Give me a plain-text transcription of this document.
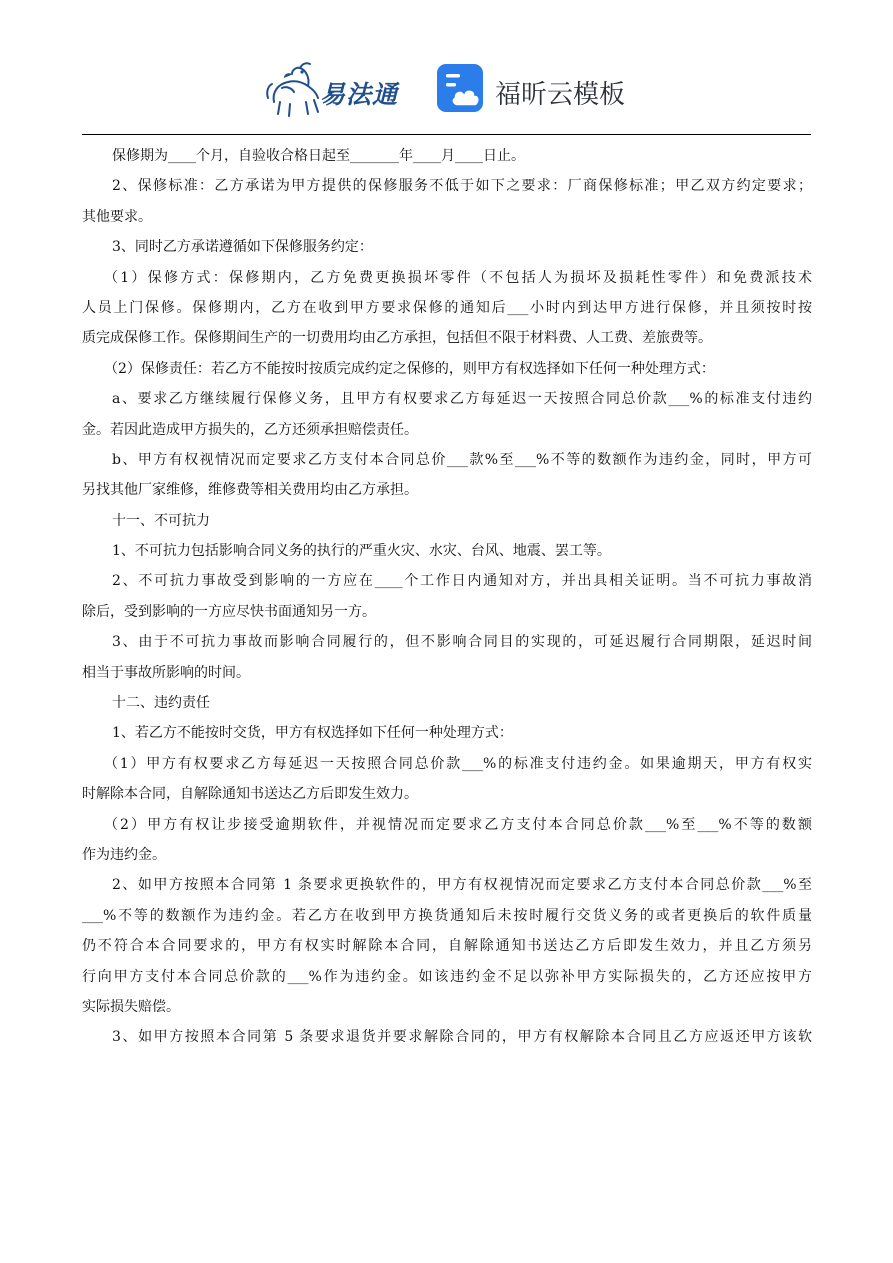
易法通	福昕云模板
保修期为____个月，自验收合格日起至_______年____月____日止。
2、保修标准：乙方承诺为甲方提供的保修服务不低于如下之要求：厂商保修标准；甲乙双方约定要求；
其他要求。
3、同时乙方承诺遵循如下保修服务约定：
（1）保修方式：保修期内，乙方免费更换损坏零件（不包括人为损坏及损耗性零件）和免费派技术
人员上门保修。保修期内，乙方在收到甲方要求保修的通知后___小时内到达甲方进行保修，并且须按时按
质完成保修工作。保修期间生产的一切费用均由乙方承担，包括但不限于材料费、人工费、差旅费等。
（2）保修责任：若乙方不能按时按质完成约定之保修的，则甲方有权选择如下任何一种处理方式：
a、要求乙方继续履行保修义务，且甲方有权要求乙方每延迟一天按照合同总价款___%的标准支付违约
金。若因此造成甲方损失的，乙方还须承担赔偿责任。
b、甲方有权视情况而定要求乙方支付本合同总价___款%至___%不等的数额作为违约金，同时，甲方可
另找其他厂家维修，维修费等相关费用均由乙方承担。
十一、不可抗力
1、不可抗力包括影响合同义务的执行的严重火灾、水灾、台风、地震、罢工等。
2、不可抗力事故受到影响的一方应在____个工作日内通知对方，并出具相关证明。当不可抗力事故消
除后，受到影响的一方应尽快书面通知另一方。
3、由于不可抗力事故而影响合同履行的，但不影响合同目的实现的，可延迟履行合同期限，延迟时间
相当于事故所影响的时间。
十二、违约责任
1、若乙方不能按时交货，甲方有权选择如下任何一种处理方式：
（1）甲方有权要求乙方每延迟一天按照合同总价款___%的标准支付违约金。如果逾期天，甲方有权实
时解除本合同，自解除通知书送达乙方后即发生效力。
（2）甲方有权让步接受逾期软件，并视情况而定要求乙方支付本合同总价款___%至___%不等的数额
作为违约金。
2、如甲方按照本合同第 1 条要求更换软件的，甲方有权视情况而定要求乙方支付本合同总价款___%至
___%不等的数额作为违约金。若乙方在收到甲方换货通知后未按时履行交货义务的或者更换后的软件质量
仍不符合本合同要求的，甲方有权实时解除本合同，自解除通知书送达乙方后即发生效力，并且乙方须另
行向甲方支付本合同总价款的___%作为违约金。如该违约金不足以弥补甲方实际损失的，乙方还应按甲方
实际损失赔偿。
3、如甲方按照本合同第 5 条要求退货并要求解除合同的，甲方有权解除本合同且乙方应返还甲方该软
